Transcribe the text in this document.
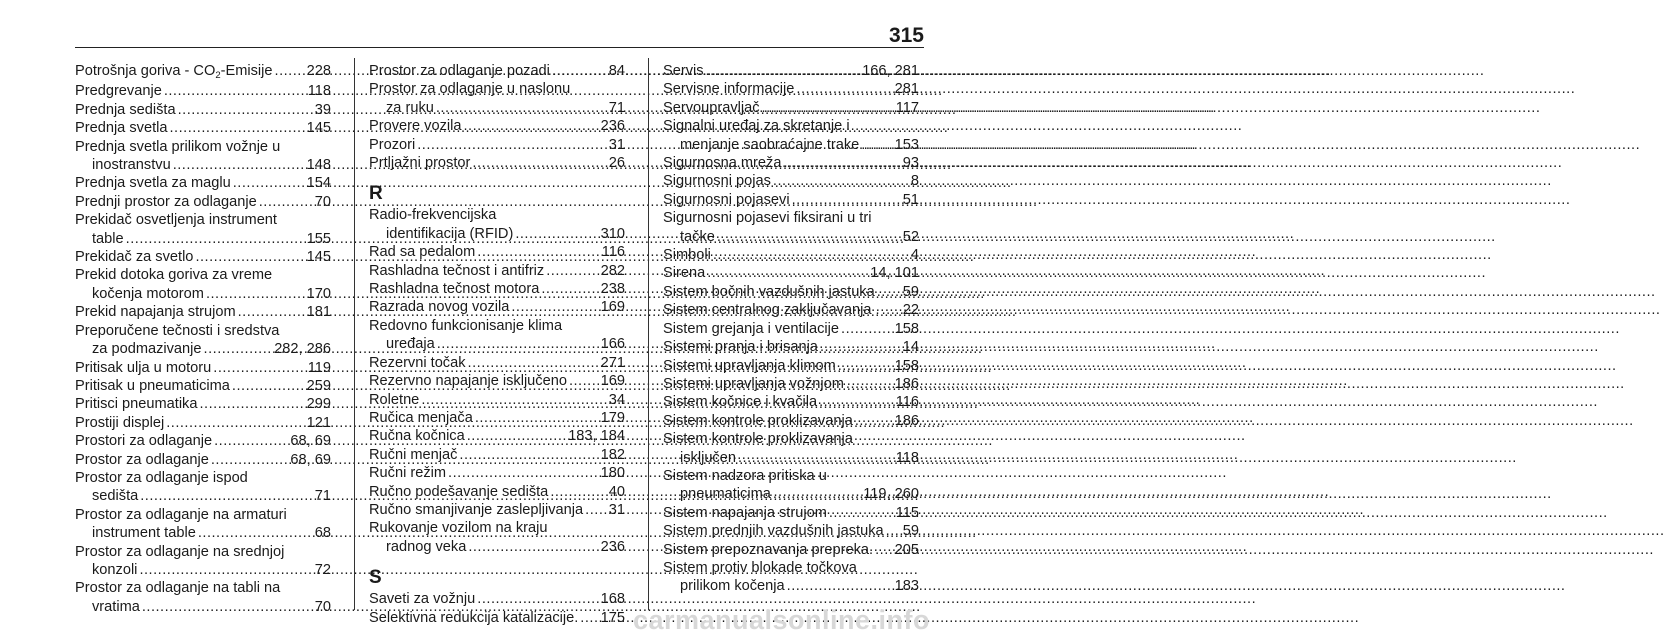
315
Potrošnja goriva - $CO_2$-Emisije ..... 228
Predgrevanje .....	118
Prednja sedišta .....	39
Prednja svetla .....	145
Prednja svetla prilikom vožnje u
inostranstvu .....	148
Prednja svetla za maglu .....	154
Prednji prostor za odlaganje .....	70
Prekidač osvetljenja instrument
table .....	155
Prekidač za svetlo .....	145
Prekid dotoka goriva za vreme
kočenja motorom .....	170
Prekid napajanja strujom .....	181
Preporučene tečnosti i sredstva
za podmazivanje .....	282, 286
Pritisak ulja u motoru .....	119
Pritisak u pneumaticima .....	259
Pritisci pneumatika .....	299
Prostiji displej .....	121
Prostori za odlaganje .....	68, 69
Prostor za odlaganje .....	68, 69
Prostor za odlaganje ispod
sedišta .....	71
Prostor za odlaganje na armaturi
instrument table .....	68
Prostor za odlaganje na srednjoj
konzoli .....	72
Prostor za odlaganje na tabli na
vratima .....	70
Prostor za odlaganje pozadi .....	84
Prostor za odlaganje u naslonu
za ruku .....	71
Provere vozila .....	236
Prozori .....	31
Prtljažni prostor .....	26
R
Radio-frekvencijska
identifikacija (RFID) .....	310
Rad sa pedalom .....	116
Rashladna tečnost i antifriz .....	282
Rashladna tečnost motora .....	238
Razrada novog vozila .....	169
Redovno funkcionisanje klima
uređaja .....	166
Rezervni točak .....	271
Rezervno napajanje isključeno ..... 169
Roletne .....	34
Ručica menjača .....	179
Ručna kočnica .....	183, 184
Ručni menjač .....	182
Ručni režim .....	180
Ručno podešavanje sedišta .....	40
Ručno smanjivanje zaslepljivanja ..... 31
Rukovanje vozilom na kraju
radnog veka .....	236
S
Saveti za vožnju .....	168
Selektivna redukcija katalizacije. ..... 175
Servis .....	166, 281
Servisne informacije .....	281
Servoupravljač .....	117
Signalni uređaj za skretanje i
menjanje saobraćajne trake ..... 153
Sigurnosna mreža .....	93
Sigurnosni pojas .....	8
Sigurnosni pojasevi .....	51
Sigurnosni pojasevi fiksirani u tri
tačke .....	52
Simboli .....	4
Sirena .....	14, 101
Sistem bočnih vazdušnih jastuka ..... 59
Sistem centralnog zaključavanja . ..... 22
Sistem grejanja i ventilacije .....	158
Sistemi pranja i brisanja .....	14
Sistemi upravljanja klimom .....	158
Sistemi upravljanja vožnjom .....	186
Sistem kočnice i kvačila .....	116
Sistem kontrole proklizavanja .....	186
Sistem kontrole proklizavanja
isključen .....	118
Sistem nadzora pritiska u
pneumaticima .....	119, 260
Sistem napajanja strujom .....	115
Sistem prednjih vazdušnih jastuka ..... 59
Sistem prepoznavanja prepreka. ..... 205
Sistem protiv blokade točkova
prilikom kočenja .....	183
carmanualsonline.info
